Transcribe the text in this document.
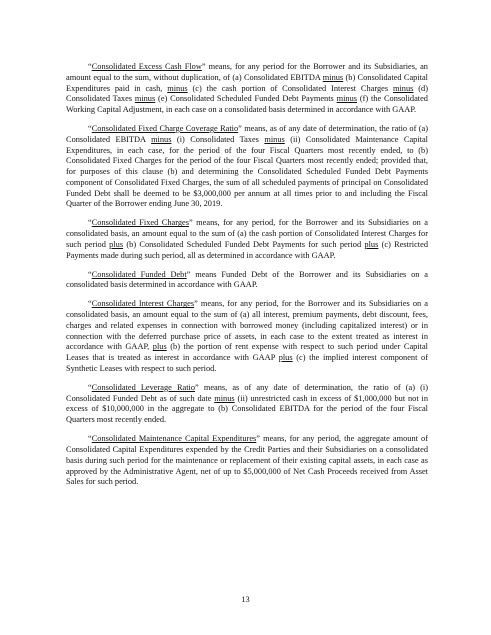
“Consolidated Excess Cash Flow” means, for any period for the Borrower and its Subsidiaries, an amount equal to the sum, without duplication, of (a) Consolidated EBITDA minus (b) Consolidated Capital Expenditures paid in cash, minus (c) the cash portion of Consolidated Interest Charges minus (d) Consolidated Taxes minus (e) Consolidated Scheduled Funded Debt Payments minus (f) the Consolidated Working Capital Adjustment, in each case on a consolidated basis determined in accordance with GAAP.

“Consolidated Fixed Charge Coverage Ratio” means, as of any date of determination, the ratio of (a) Consolidated EBITDA minus (i) Consolidated Taxes minus (ii) Consolidated Maintenance Capital Expenditures, in each case, for the period of the four Fiscal Quarters most recently ended, to (b) Consolidated Fixed Charges for the period of the four Fiscal Quarters most recently ended; provided that, for purposes of this clause (b) and determining the Consolidated Scheduled Funded Debt Payments component of Consolidated Fixed Charges, the sum of all scheduled payments of principal on Consolidated Funded Debt shall be deemed to be $3,000,000 per annum at all times prior to and including the Fiscal Quarter of the Borrower ending June 30, 2019.

“Consolidated Fixed Charges” means, for any period, for the Borrower and its Subsidiaries on a consolidated basis, an amount equal to the sum of (a) the cash portion of Consolidated Interest Charges for such period plus (b) Consolidated Scheduled Funded Debt Payments for such period plus (c) Restricted Payments made during such period, all as determined in accordance with GAAP.

“Consolidated Funded Debt” means Funded Debt of the Borrower and its Subsidiaries on a consolidated basis determined in accordance with GAAP.

“Consolidated Interest Charges” means, for any period, for the Borrower and its Subsidiaries on a consolidated basis, an amount equal to the sum of (a) all interest, premium payments, debt discount, fees, charges and related expenses in connection with borrowed money (including capitalized interest) or in connection with the deferred purchase price of assets, in each case to the extent treated as interest in accordance with GAAP, plus (b) the portion of rent expense with respect to such period under Capital Leases that is treated as interest in accordance with GAAP plus (c) the implied interest component of Synthetic Leases with respect to such period.

“Consolidated Leverage Ratio” means, as of any date of determination, the ratio of (a) (i) Consolidated Funded Debt as of such date minus (ii) unrestricted cash in excess of $1,000,000 but not in excess of $10,000,000 in the aggregate to (b) Consolidated EBITDA for the period of the four Fiscal Quarters most recently ended.

“Consolidated Maintenance Capital Expenditures” means, for any period, the aggregate amount of Consolidated Capital Expenditures expended by the Credit Parties and their Subsidiaries on a consolidated basis during such period for the maintenance or replacement of their existing capital assets, in each case as approved by the Administrative Agent, net of up to $5,000,000 of Net Cash Proceeds received from Asset Sales for such period.

13
